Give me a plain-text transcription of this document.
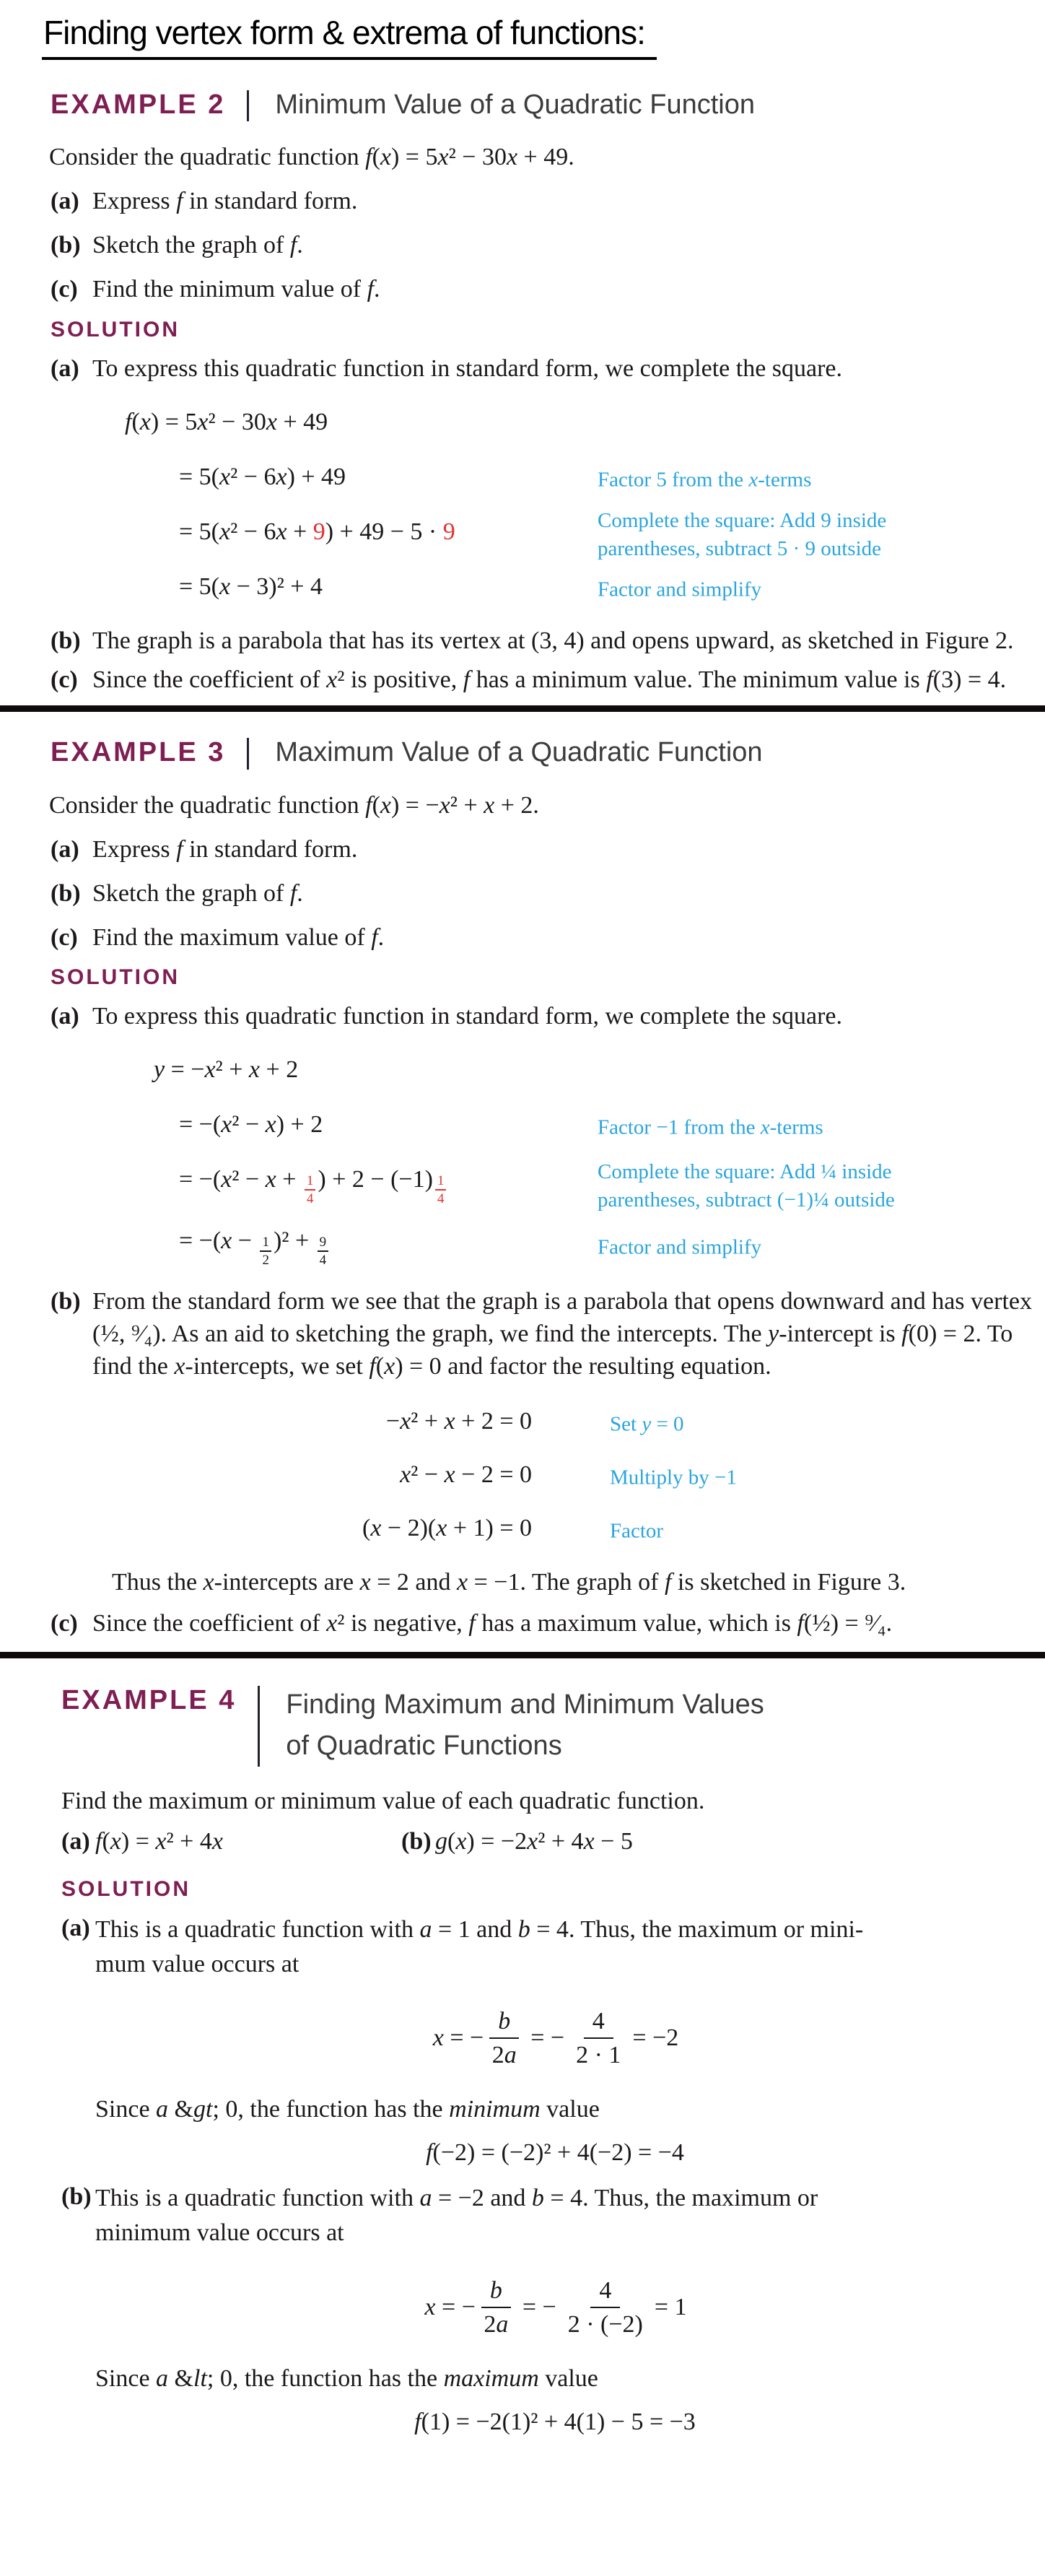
Finding vertex form & extrema of functions:
EXAMPLE 2 Minimum Value of a Quadratic Function

Consider the quadratic function f(x) = 5x² − 30x + 49.

(a) Express f in standard form.
(b) Sketch the graph of f.
(c) Find the minimum value of f.
SOLUTION
(a) To express this quadratic function in standard form, we complete the square.
f(x) = 5x² − 30x + 49
= 5(x² − 6x) + 49	Factor 5 from the x-terms
= 5(x² − 6x + 9) + 49 − 5 · 9	Complete the square: Add 9 inside
parentheses, subtract 5 · 9 outside
= 5(x − 3)² + 4	Factor and simplify
(b) The graph is a parabola that has its vertex at (3, 4) and opens upward, as sketched in Figure 2.
(c) Since the coefficient of x² is positive, f has a minimum value. The minimum value is f(3) = 4.
EXAMPLE 3 Maximum Value of a Quadratic Function

Consider the quadratic function f(x) = −x² + x + 2.

(a) Express f in standard form.
(b) Sketch the graph of f.
(c) Find the maximum value of f.
SOLUTION
(a) To express this quadratic function in standard form, we complete the square.
y = −x² + x + 2
= −(x² − x) + 2	Factor −1 from the x-terms
= $-(x^2 - x + \frac{1}{4}$ ) + $2 - (-1) \frac{1}{4}$
Complete the square: Add ¼ inside
parentheses, subtract (−1)¼ outside
= $-(x - \frac{1}{2} )^2 + \frac{9}{4}$	Factor and simplify
(b) From the standard form we see that the graph is a parabola that opens downward and has vertex (½, ⁹⁄₄). As an aid to sketching the graph, we find the intercepts. The y-intercept is f(0) = 2. To find the x-intercepts, we set f(x) = 0 and factor the resulting equation.
−x² + x + 2 = 0	Set y = 0
x² − x − 2 = 0	Multiply by −1
(x − 2)(x + 1) = 0	Factor

Thus the x-intercepts are x = 2 and x = −1. The graph of f is sketched in Figure 3.

(c) Since the coefficient of x² is negative, f has a maximum value, which is f(½) = ⁹⁄₄.
EXAMPLE 4 Finding Maximum and Minimum Values
of Quadratic Functions

Find the maximum or minimum value of each quadratic function.

(a) f(x) = x² + 4x	(b) g(x) = −2x² + 4x − 5
SOLUTION
(a) This is a quadratic function with a = 1 and b = 4. Thus, the maximum or mini-
mum value occurs at
x = − $\frac{b}{2a}$ = − $\frac{4}{2 \cdot 1} = -2$

Since a &gt; 0, the function has the minimum value

f(−2) = (−2)² + 4(−2) = −4
(b) This is a quadratic function with a = −2 and b = 4. Thus, the maximum or
minimum value occurs at
x = − $\frac{b}{2a}$ = − $\frac{4}{2 \cdot (-2)} = 1$

Since a &lt; 0, the function has the maximum value

f(1) = −2(1)² + 4(1) − 5 = −3
